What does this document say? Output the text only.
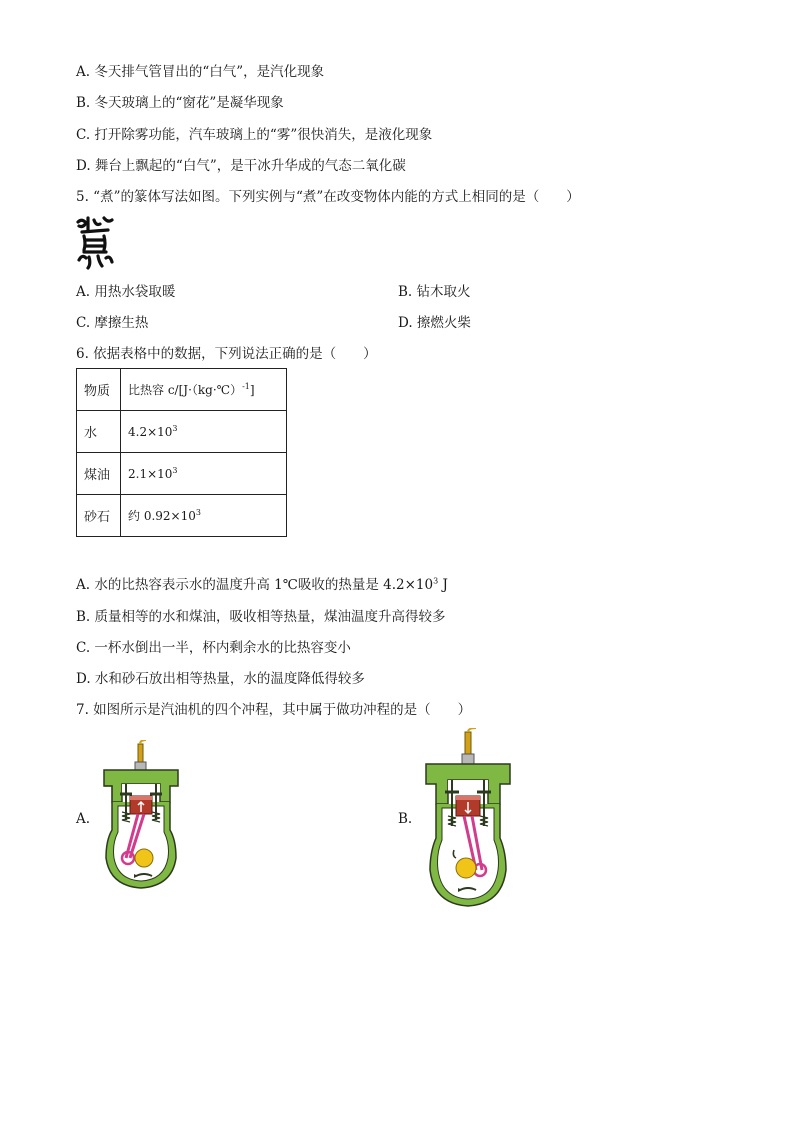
A. 冬天排气管冒出的“白气”，是汽化现象
B. 冬天玻璃上的“窗花”是凝华现象
C. 打开除雾功能，汽车玻璃上的“雾”很快消失，是液化现象
D. 舞台上飘起的“白气”，是干冰升华成的气态二氧化碳
5. “煮”的篆体写法如图。下列实例与“煮”在改变物体内能的方式上相同的是（　　）
A. 用热水袋取暖	B. 钻木取火
C. 摩擦生热	D. 擦燃火柴
6. 依据表格中的数据，下列说法正确的是（　　）
物质	比热容 c/[J·（kg·℃）$^{-1}$]
水	$4.2\times 10^3$
煤油	$2.1\times 10^3$
砂石	约 $0.92\times 10^3$
A. 水的比热容表示水的温度升高 1℃吸收的热量是 $4.2\times 10^3$ J
B. 质量相等的水和煤油，吸收相等热量，煤油温度升高得较多
C. 一杯水倒出一半，杯内剩余水的比热容变小
D. 水和砂石放出相等热量，水的温度降低得较多
7. 如图所示是汽油机的四个冲程，其中属于做功冲程的是（　　）
A.	B.
